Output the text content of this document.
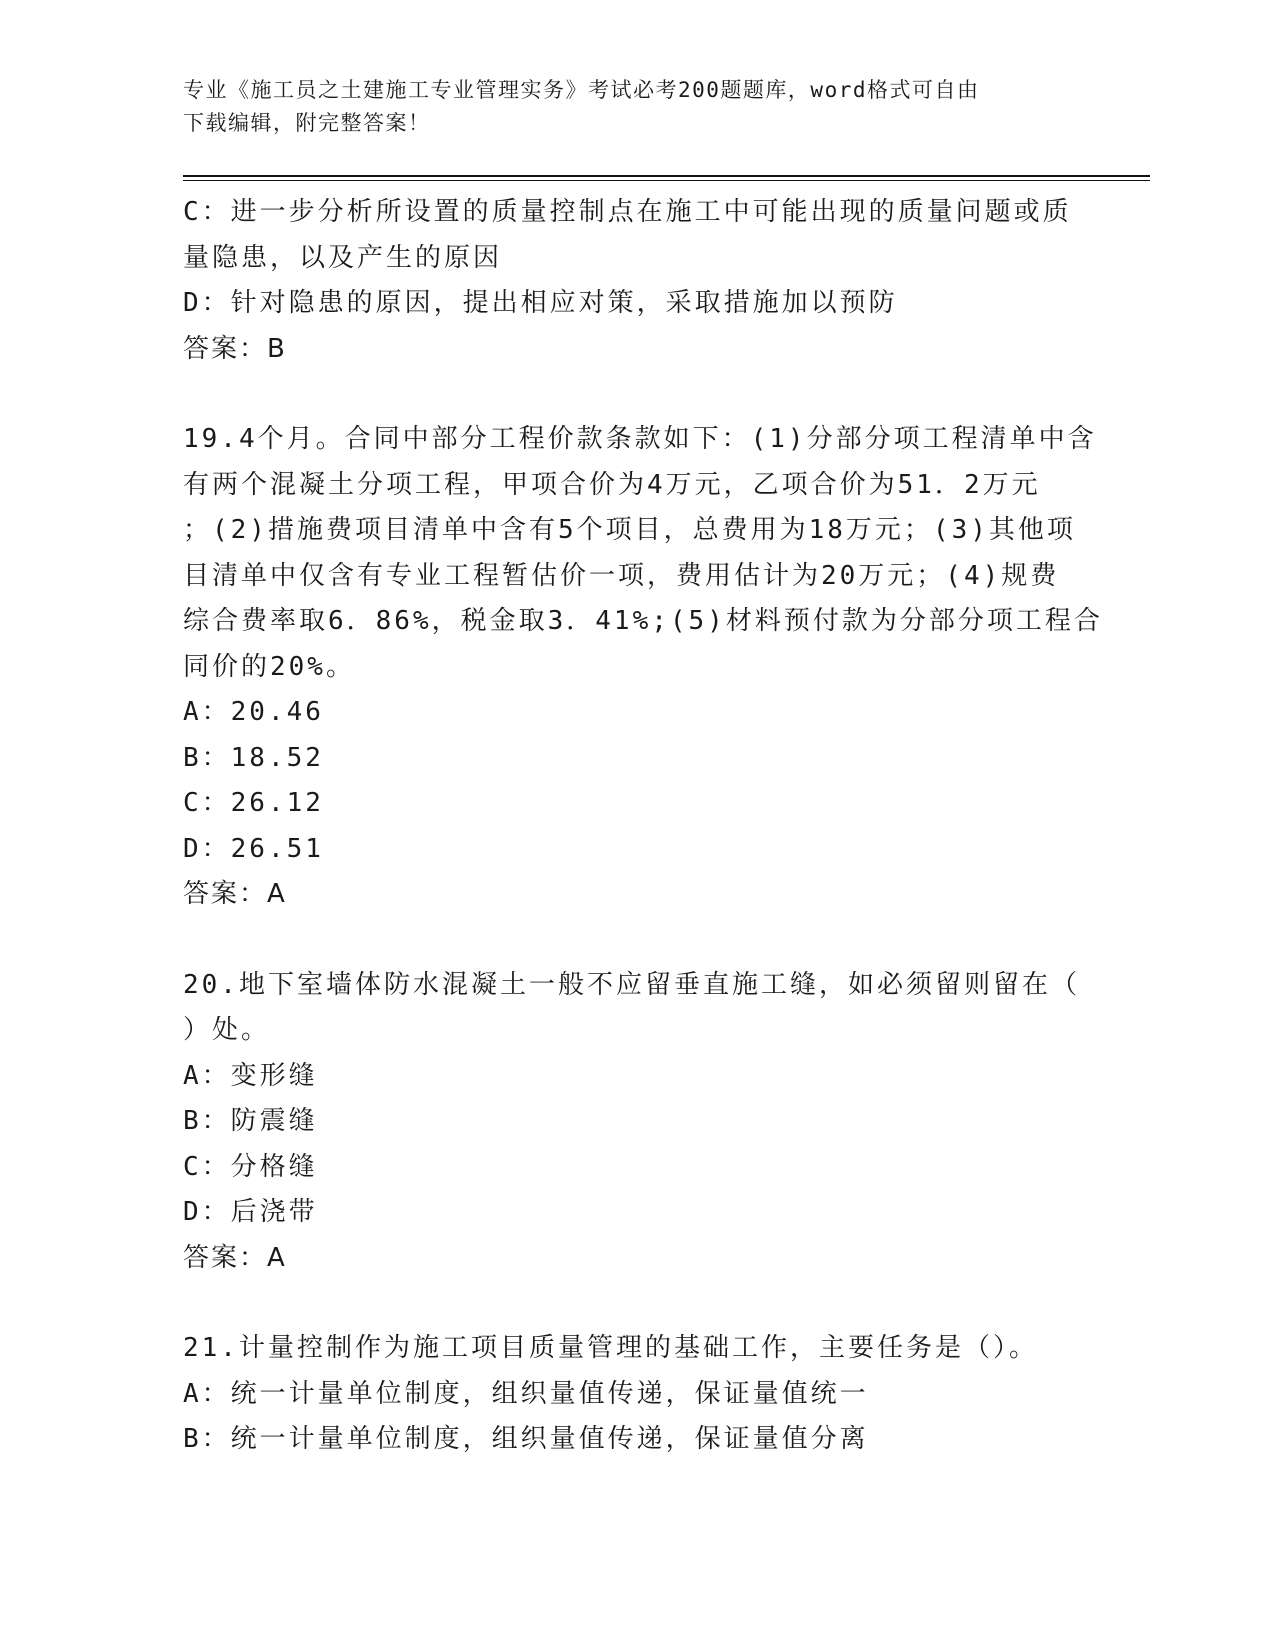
专业《施工员之土建施工专业管理实务》考试必考200题题库，word格式可自由
下载编辑，附完整答案！
C：进一步分析所设置的质量控制点在施工中可能出现的质量问题或质
量隐患，以及产生的原因
D：针对隐患的原因，提出相应对策，采取措施加以预防
答案：B
19.4个月。合同中部分工程价款条款如下：(1)分部分项工程清单中含
有两个混凝土分项工程，甲项合价为4万元，乙项合价为51．2万元
；(2)措施费项目清单中含有5个项目，总费用为18万元；(3)其他项
目清单中仅含有专业工程暂估价一项，费用估计为20万元；(4)规费
综合费率取6．86%，税金取3．41%;(5)材料预付款为分部分项工程合
同价的20%。
A：20.46
B：18.52
C：26.12
D：26.51
答案：A
20.地下室墙体防水混凝土一般不应留垂直施工缝，如必须留则留在（
）处。
A：变形缝
B：防震缝
C：分格缝
D：后浇带
答案：A
21.计量控制作为施工项目质量管理的基础工作，主要任务是（）。
A：统一计量单位制度，组织量值传递，保证量值统一
B：统一计量单位制度，组织量值传递，保证量值分离
